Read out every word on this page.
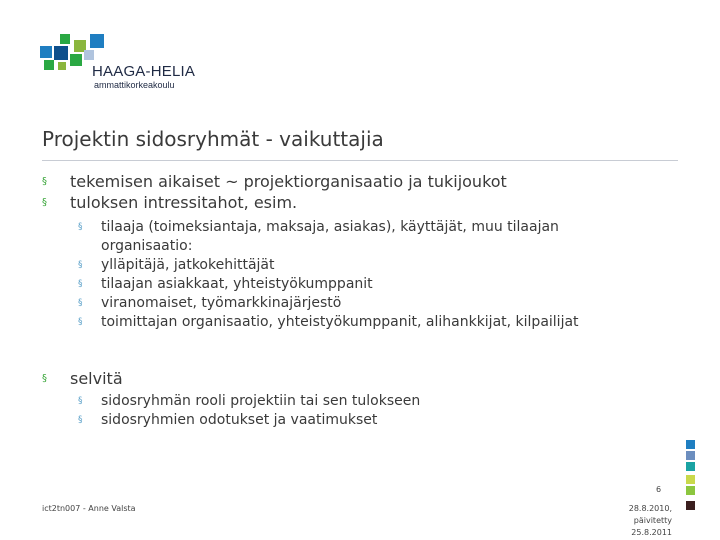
HAAGA-HELIA
ammattikorkeakoulu
Projektin sidosryhmät - vaikuttajia
§ tekemisen aikaiset ~ projektiorganisaatio ja tukijoukot
§ tuloksen intressitahot, esim.
§ tilaaja (toimeksiantaja, maksaja, asiakas), käyttäjät, muu tilaajan organisaatio:
§ ylläpitäjä, jatkokehittäjät
§ tilaajan asiakkaat, yhteistyökumppanit
§ viranomaiset, työmarkkinajärjestö
§ toimittajan organisaatio, yhteistyökumppanit, alihankkijat, kilpailijat
§ selvitä
§ sidosryhmän rooli projektiin tai sen tulokseen
§ sidosryhmien odotukset ja vaatimukset
6
ict2tn007 - Anne Valsta	28.8.2010,
päivitetty
25.8.2011
